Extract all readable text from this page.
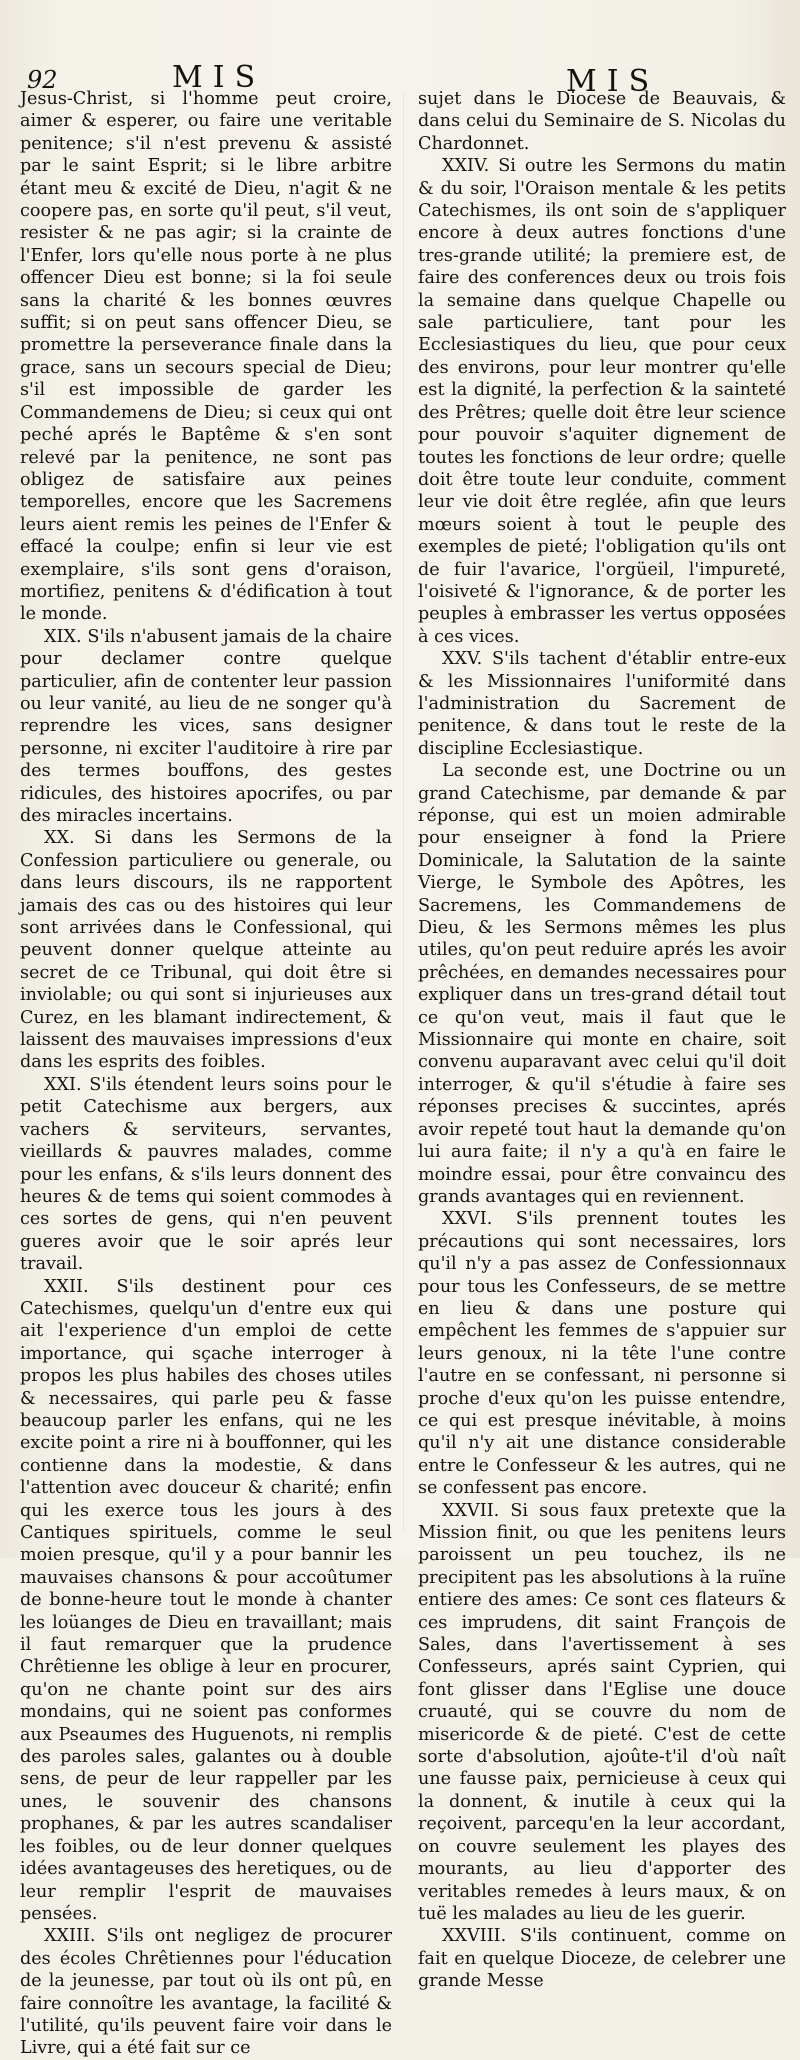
92	MIS	MIS

Jesus-Christ, si l'homme peut croire, aimer & esperer, ou faire une veritable penitence; s'il n'est prevenu & assisté par le saint Esprit; si le libre arbitre étant meu & excité de Dieu, n'agit & ne coopere pas, en sorte qu'il peut, s'il veut, resister & ne pas agir; si la crainte de l'Enfer, lors qu'elle nous porte à ne plus offencer Dieu est bonne; si la foi seule sans la charité & les bonnes œuvres suffit; si on peut sans offencer Dieu, se promettre la perseverance finale dans la grace, sans un secours special de Dieu; s'il est impossible de garder les Commandemens de Dieu; si ceux qui ont peché aprés le Baptême & s'en sont relevé par la penitence, ne sont pas obligez de satisfaire aux peines temporelles, encore que les Sacremens leurs aient remis les peines de l'Enfer & effacé la coulpe; enfin si leur vie est exemplaire, s'ils sont gens d'oraison, mortifiez, penitens & d'édification à tout le monde.

XIX. S'ils n'abusent jamais de la chaire pour declamer contre quelque particulier, afin de contenter leur passion ou leur vanité, au lieu de ne songer qu'à reprendre les vices, sans designer personne, ni exciter l'auditoire à rire par des termes bouffons, des gestes ridicules, des histoires apocrifes, ou par des miracles incertains.

XX. Si dans les Sermons de la Confession particuliere ou generale, ou dans leurs discours, ils ne rapportent jamais des cas ou des histoires qui leur sont arrivées dans le Confessional, qui peuvent donner quelque atteinte au secret de ce Tribunal, qui doit être si inviolable; ou qui sont si injurieuses aux Curez, en les blamant indirectement, & laissent des mauvaises impressions d'eux dans les esprits des foibles.

XXI. S'ils étendent leurs soins pour le petit Catechisme aux bergers, aux vachers & serviteurs, servantes, vieillards & pauvres malades, comme pour les enfans, & s'ils leurs donnent des heures & de tems qui soient commodes à ces sortes de gens, qui n'en peuvent gueres avoir que le soir aprés leur travail.

XXII. S'ils destinent pour ces Catechismes, quelqu'un d'entre eux qui ait l'experience d'un emploi de cette importance, qui sçache interroger à propos les plus habiles des choses utiles & necessaires, qui parle peu & fasse beaucoup parler les enfans, qui ne les excite point a rire ni à bouffonner, qui les contienne dans la modestie, & dans l'attention avec douceur & charité; enfin qui les exerce tous les jours à des Cantiques spirituels, comme le seul moien presque, qu'il y a pour bannir les mauvaises chansons & pour accoûtumer de bonne-heure tout le monde à chanter les loüanges de Dieu en travaillant; mais il faut remarquer que la prudence Chrêtienne les oblige à leur en procurer, qu'on ne chante point sur des airs mondains, qui ne soient pas conformes aux Pseaumes des Huguenots, ni remplis des paroles sales, galantes ou à double sens, de peur de leur rappeller par les unes, le souvenir des chansons prophanes, & par les autres scandaliser les foibles, ou de leur donner quelques idées avantageuses des heretiques, ou de leur remplir l'esprit de mauvaises pensées.

XXIII. S'ils ont negligez de procurer des écoles Chrêtiennes pour l'éducation de la jeunesse, par tout où ils ont pû, en faire connoître les avantage, la facilité & l'utilité, qu'ils peuvent faire voir dans le Livre, qui a été fait sur ce

sujet dans le Diocese de Beauvais, & dans celui du Seminaire de S. Nicolas du Chardonnet.

XXIV. Si outre les Sermons du matin & du soir, l'Oraison mentale & les petits Catechismes, ils ont soin de s'appliquer encore à deux autres fonctions d'une tres-grande utilité; la premiere est, de faire des conferences deux ou trois fois la semaine dans quelque Chapelle ou sale particuliere, tant pour les Ecclesiastiques du lieu, que pour ceux des environs, pour leur montrer qu'elle est la dignité, la perfection & la sainteté des Prêtres; quelle doit être leur science pour pouvoir s'aquiter dignement de toutes les fonctions de leur ordre; quelle doit être toute leur conduite, comment leur vie doit être reglée, afin que leurs mœurs soient à tout le peuple des exemples de pieté; l'obligation qu'ils ont de fuir l'avarice, l'orgüeil, l'impureté, l'oisiveté & l'ignorance, & de porter les peuples à embrasser les vertus opposées à ces vices.

XXV. S'ils tachent d'établir entre-eux & les Missionnaires l'uniformité dans l'administration du Sacrement de penitence, & dans tout le reste de la discipline Ecclesiastique.

La seconde est, une Doctrine ou un grand Catechisme, par demande & par réponse, qui est un moien admirable pour enseigner à fond la Priere Dominicale, la Salutation de la sainte Vierge, le Symbole des Apôtres, les Sacremens, les Commandemens de Dieu, & les Sermons mêmes les plus utiles, qu'on peut reduire aprés les avoir prêchées, en demandes necessaires pour expliquer dans un tres-grand détail tout ce qu'on veut, mais il faut que le Missionnaire qui monte en chaire, soit convenu auparavant avec celui qu'il doit interroger, & qu'il s'étudie à faire ses réponses precises & succintes, aprés avoir repeté tout haut la demande qu'on lui aura faite; il n'y a qu'à en faire le moindre essai, pour être convaincu des grands avantages qui en reviennent.

XXVI. S'ils prennent toutes les précautions qui sont necessaires, lors qu'il n'y a pas assez de Confessionnaux pour tous les Confesseurs, de se mettre en lieu & dans une posture qui empêchent les femmes de s'appuier sur leurs genoux, ni la tête l'une contre l'autre en se confessant, ni personne si proche d'eux qu'on les puisse entendre, ce qui est presque inévitable, à moins qu'il n'y ait une distance considerable entre le Confesseur & les autres, qui ne se confessent pas encore.

XXVII. Si sous faux pretexte que la Mission finit, ou que les penitens leurs paroissent un peu touchez, ils ne precipitent pas les absolutions à la ruïne entiere des ames: Ce sont ces flateurs & ces imprudens, dit saint François de Sales, dans l'avertissement à ses Confesseurs, aprés saint Cyprien, qui font glisser dans l'Eglise une douce cruauté, qui se couvre du nom de misericorde & de pieté. C'est de cette sorte d'absolution, ajoûte-t'il d'où naît une fausse paix, pernicieuse à ceux qui la donnent, & inutile à ceux qui la reçoivent, parcequ'en la leur accordant, on couvre seulement les playes des mourants, au lieu d'apporter des veritables remedes à leurs maux, & on tuë les malades au lieu de les guerir.

XXVIII. S'ils continuent, comme on fait en quelque Dioceze, de celebrer une grande Messe
